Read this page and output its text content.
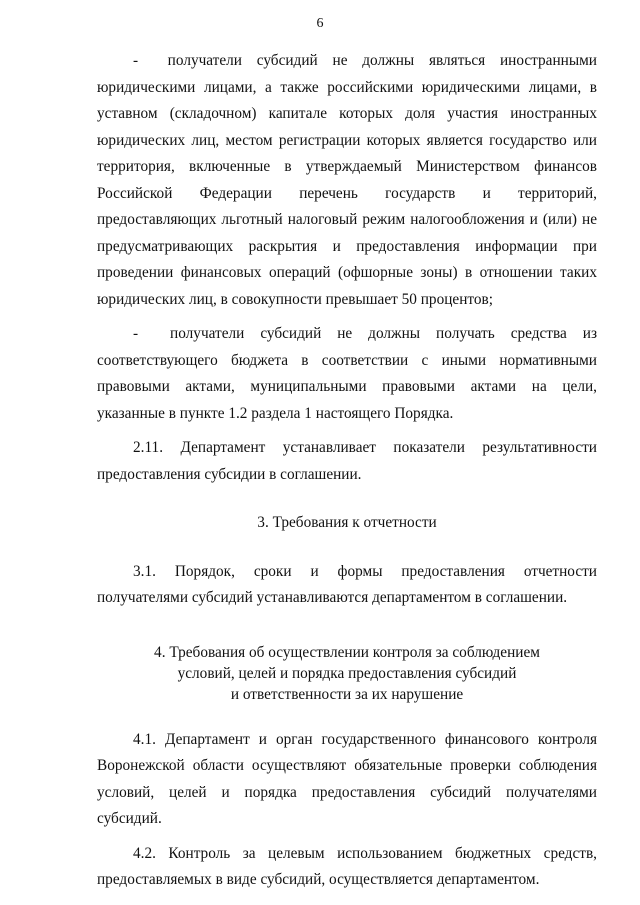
6

-  получатели субсидий не должны являться иностранными юридическими лицами, а также российскими юридическими лицами, в уставном (складочном) капитале которых доля участия иностранных юридических лиц, местом регистрации которых является государство или территория, включенные в утверждаемый Министерством финансов Российской Федерации перечень государств и территорий, предоставляющих льготный налоговый режим налогообложения и (или) не предусматривающих раскрытия и предоставления информации при проведении финансовых операций (офшорные зоны) в отношении таких юридических лиц, в совокупности превышает 50 процентов;

-  получатели субсидий не должны получать средства из соответствующего бюджета в соответствии с иными нормативными правовыми актами, муниципальными правовыми актами на цели, указанные в пункте 1.2 раздела 1 настоящего Порядка.

2.11. Департамент устанавливает показатели результативности предоставления субсидии в соглашении.

3. Требования к отчетности

3.1. Порядок, сроки и формы предоставления отчетности получателями субсидий устанавливаются департаментом в соглашении.

4. Требования об осуществлении контроля за соблюдением
условий, целей и порядка предоставления субсидий
и ответственности за их нарушение

4.1. Департамент и орган государственного финансового контроля Воронежской области осуществляют обязательные проверки соблюдения условий, целей и порядка предоставления субсидий получателями субсидий.

4.2. Контроль за целевым использованием бюджетных средств, предоставляемых в виде субсидий, осуществляется департаментом.
